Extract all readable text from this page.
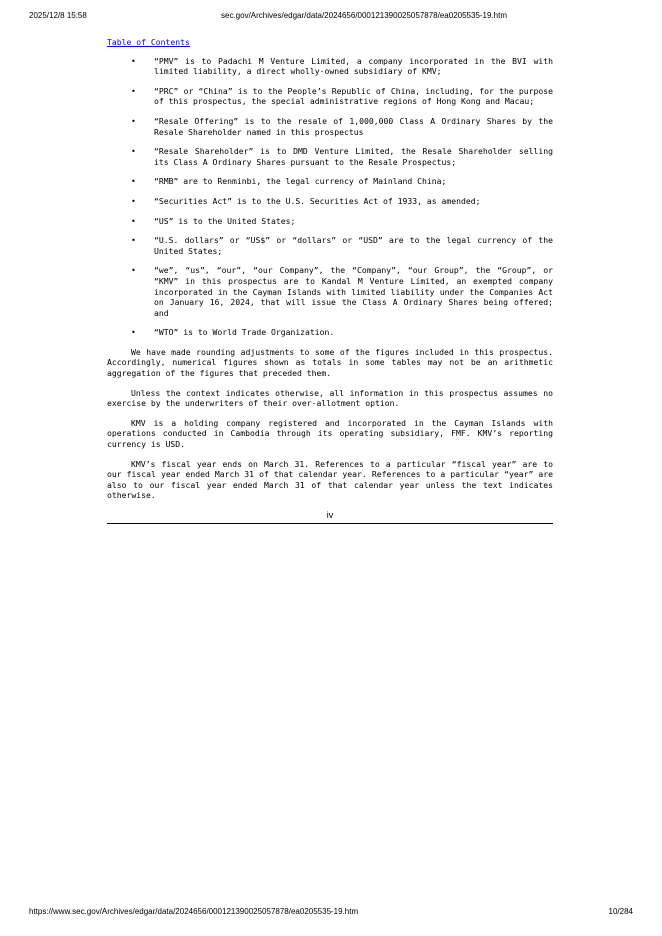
2025/12/8 15:58	sec.gov/Archives/edgar/data/2024656/000121390025057878/ea0205535-19.htm
Table of Contents
• “PMV” is to Padachi M Venture Limited, a company incorporated in the BVI with limited liability, a direct wholly-owned subsidiary of KMV;
• “PRC” or “China” is to the People’s Republic of China, including, for the purpose of this prospectus, the special administrative regions of Hong Kong and Macau;
• “Resale Offering” is to the resale of 1,000,000 Class A Ordinary Shares by the Resale Shareholder named in this prospectus
• “Resale Shareholder” is to DMD Venture Limited, the Resale Shareholder selling its Class A Ordinary Shares pursuant to the Resale Prospectus;
• “RMB” are to Renminbi, the legal currency of Mainland China;
• “Securities Act” is to the U.S. Securities Act of 1933, as amended;
• “US” is to the United States;
• “U.S. dollars” or “US$” or “dollars” or “USD” are to the legal currency of the United States;
• “we”, “us”, “our”, “our Company”, the “Company”, “our Group”, the “Group”, or “KMV” in this prospectus are to Kandal M Venture Limited, an exempted company incorporated in the Cayman Islands with limited liability under the Companies Act on January 16, 2024, that will issue the Class A Ordinary Shares being offered; and
• “WTO” is to World Trade Organization.

We have made rounding adjustments to some of the figures included in this prospectus. Accordingly, numerical figures shown as totals in some tables may not be an arithmetic aggregation of the figures that preceded them.

Unless the context indicates otherwise, all information in this prospectus assumes no exercise by the underwriters of their over-allotment option.

KMV is a holding company registered and incorporated in the Cayman Islands with operations conducted in Cambodia through its operating subsidiary, FMF. KMV’s reporting currency is USD.

KMV’s fiscal year ends on March 31. References to a particular “fiscal year” are to our fiscal year ended March 31 of that calendar year. References to a particular “year” are also to our fiscal year ended March 31 of that calendar year unless the text indicates otherwise.

iv
https://www.sec.gov/Archives/edgar/data/2024656/000121390025057878/ea0205535-19.htm	10/284
